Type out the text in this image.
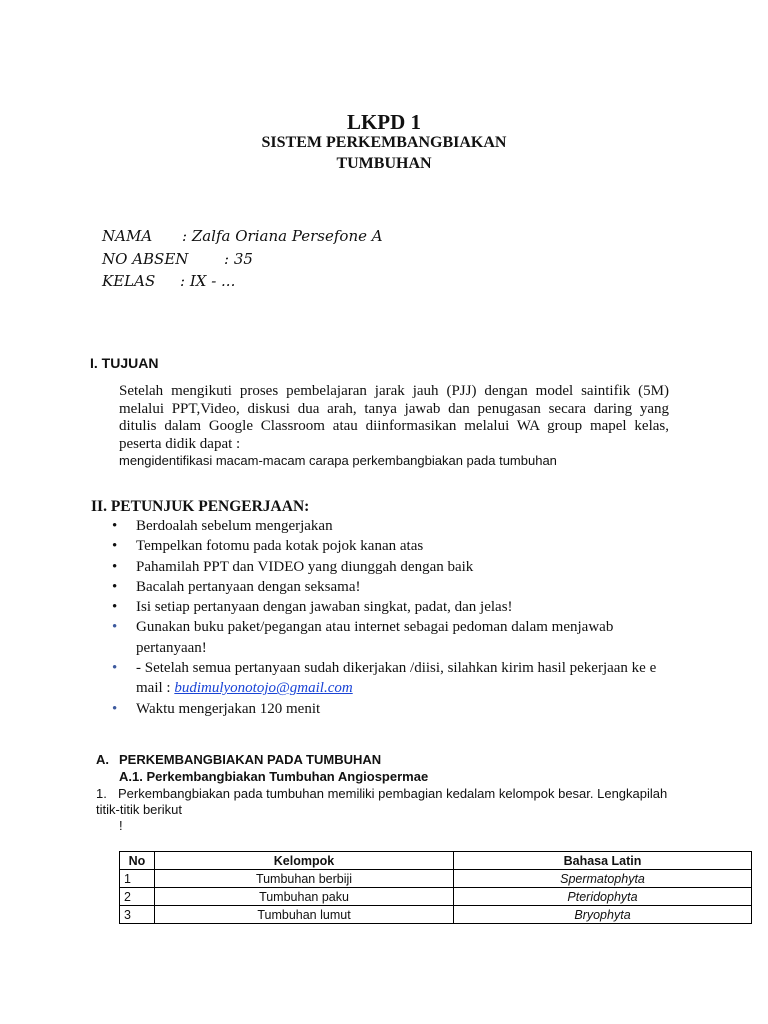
LKPD 1
SISTEM PERKEMBANGBIAKAN
TUMBUHAN
NAMA : Zalfa Oriana Persefone A
NO ABSEN : 35
KELAS : IX - ...
I. TUJUAN
Setelah mengikuti proses pembelajaran jarak jauh (PJJ) dengan model saintifik (5M)
melalui PPT,Video, diskusi dua arah, tanya jawab dan penugasan secara daring yang
ditulis dalam Google Classroom atau diinformasikan melalui WA group mapel kelas,
peserta didik dapat :
mengidentifikasi macam-macam carapa perkembangbiakan pada tumbuhan
II. PETUNJUK PENGERJAAN:
• Berdoalah sebelum mengerjakan
• Tempelkan fotomu pada kotak pojok kanan atas
• Pahamilah PPT dan VIDEO yang diunggah dengan baik
• Bacalah pertanyaan dengan seksama!
• Isi setiap pertanyaan dengan jawaban singkat, padat, dan jelas!
• Gunakan buku paket/pegangan atau internet sebagai pedoman dalam menjawab pertanyaan!
• - Setelah semua pertanyaan sudah dikerjakan /diisi, silahkan kirim hasil pekerjaan ke e mail : budimulyonotojo@gmail.com
• Waktu mengerjakan 120 menit
A. PERKEMBANGBIAKAN PADA TUMBUHAN
A.1. Perkembangbiakan Tumbuhan Angiospermae
1. Perkembangbiakan pada tumbuhan memiliki pembagian kedalam kelompok besar. Lengkapilah titik-titik berikut
!
No	Kelompok	Bahasa Latin
1	Tumbuhan berbiji	Spermatophyta
2	Tumbuhan paku	Pteridophyta
3	Tumbuhan lumut	Bryophyta
